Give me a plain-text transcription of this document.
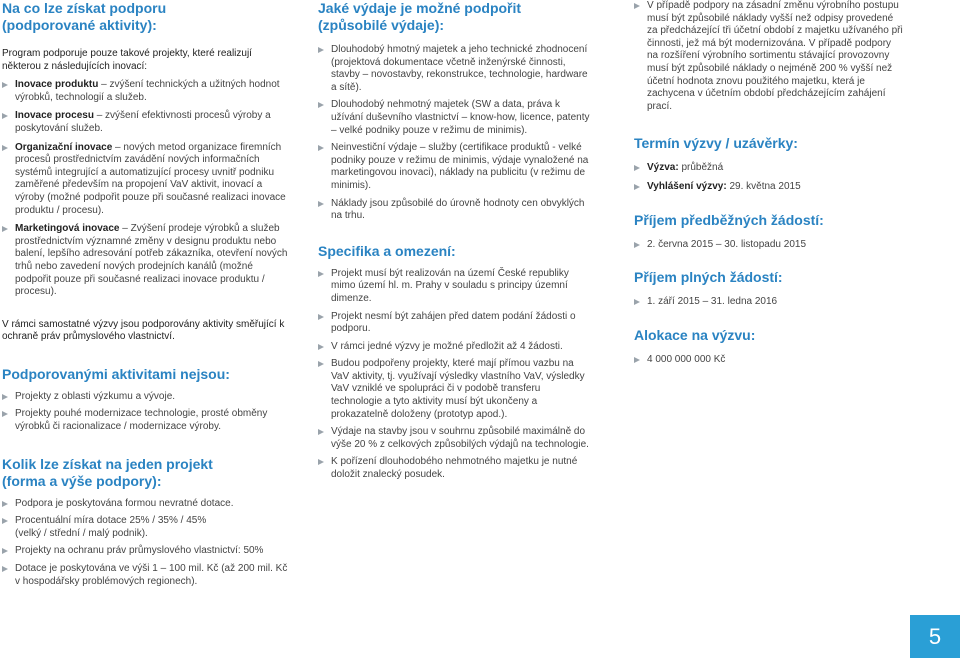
Na co lze získat podporu
(podporované aktivity):

Program podporuje pouze takové projekty, které realizují některou z následujících inovací:

Inovace produktu – zvýšení technických a užitných hodnot výrobků, technologií a služeb.
Inovace procesu – zvýšení efektivnosti procesů výroby a poskytování služeb.
Organizační inovace – nových metod organizace firemních procesů prostřednictvím zavádění nových informačních systémů integrující a automatizující procesy uvnitř podniku zaměřené především na propojení VaV aktivit, inovací a výroby (možné podpořit pouze při současné realizaci inovace produktu / procesu).
Marketingová inovace – Zvýšení prodeje výrobků a služeb prostřednictvím významné změny v designu produktu nebo balení, lepšího adresování potřeb zákazníka, otevření nových trhů nebo zavedení nových prodejních kanálů (možné podpořit pouze při současné realizaci inovace produktu / procesu).

V rámci samostatné výzvy jsou podporovány aktivity směřující k ochraně práv průmyslového vlastnictví.

Podporovanými aktivitami nejsou:
Projekty z oblasti výzkumu a vývoje.
Projekty pouhé modernizace technologie, prosté obměny výrobků či racionalizace / modernizace výroby.
Kolik lze získat na jeden projekt
(forma a výše podpory):
Podpora je poskytována formou nevratné dotace.
Procentuální míra dotace 25% / 35% / 45%
(velký / střední / malý podnik).
Projekty na ochranu práv průmyslového vlastnictví: 50%
Dotace je poskytována ve výši 1 – 100 mil. Kč (až 200 mil. Kč v hospodářsky problémových regionech).
Jaké výdaje je možné podpořit
(způsobilé výdaje):
Dlouhodobý hmotný majetek a jeho technické zhodnocení (projektová dokumentace včetně inženýrské činnosti, stavby – novostavby, rekonstrukce, technologie, hardware a sítě).
Dlouhodobý nehmotný majetek (SW a data, práva k užívání duševního vlastnictví – know-how, licence, patenty – velké podniky pouze v režimu de minimis).
Neinvestiční výdaje – služby (certifikace produktů - velké podniky pouze v režimu de minimis, výdaje vynaložené na marketingovou inovaci), náklady na publicitu (v režimu de minimis).
Náklady jsou způsobilé do úrovně hodnoty cen obvyklých na trhu.
Specifika a omezení:
Projekt musí být realizován na území České republiky mimo území hl. m. Prahy v souladu s principy územní dimenze.
Projekt nesmí být zahájen před datem podání žádosti o podporu.
V rámci jedné výzvy je možné předložit až 4 žádosti.
Budou podpořeny projekty, které mají přímou vazbu na VaV aktivity, tj. využívají výsledky vlastního VaV, výsledky VaV vzniklé ve spolupráci či v podobě transferu technologie a tyto aktivity musí být ukončeny a prokazatelně doloženy (prototyp apod.).
Výdaje na stavby jsou v souhrnu způsobilé maximálně do výše 20 % z celkových způsobilých výdajů na technologie.
K pořízení dlouhodobého nehmotného majetku je nutné doložit znalecký posudek.
V případě podpory na zásadní změnu výrobního postupu musí být způsobilé náklady vyšší než odpisy provedené za předcházející tři účetní období z majetku užívaného při činnosti, jež má být modernizována. V případě podpory na rozšíření výrobního sortimentu stávající provozovny musí být způsobilé náklady o nejméně 200 % vyšší než účetní hodnota znovu použitého majetku, která je zachycena v účetním období předcházejícím zahájení prací.
Termín výzvy / uzávěrky:
Výzva: průběžná
Vyhlášení výzvy: 29. května 2015
Příjem předběžných žádostí:
2. června 2015 – 30. listopadu 2015
Příjem plných žádostí:
1. září 2015 – 31. ledna 2016
Alokace na výzvu:
4 000 000 000 Kč
5
